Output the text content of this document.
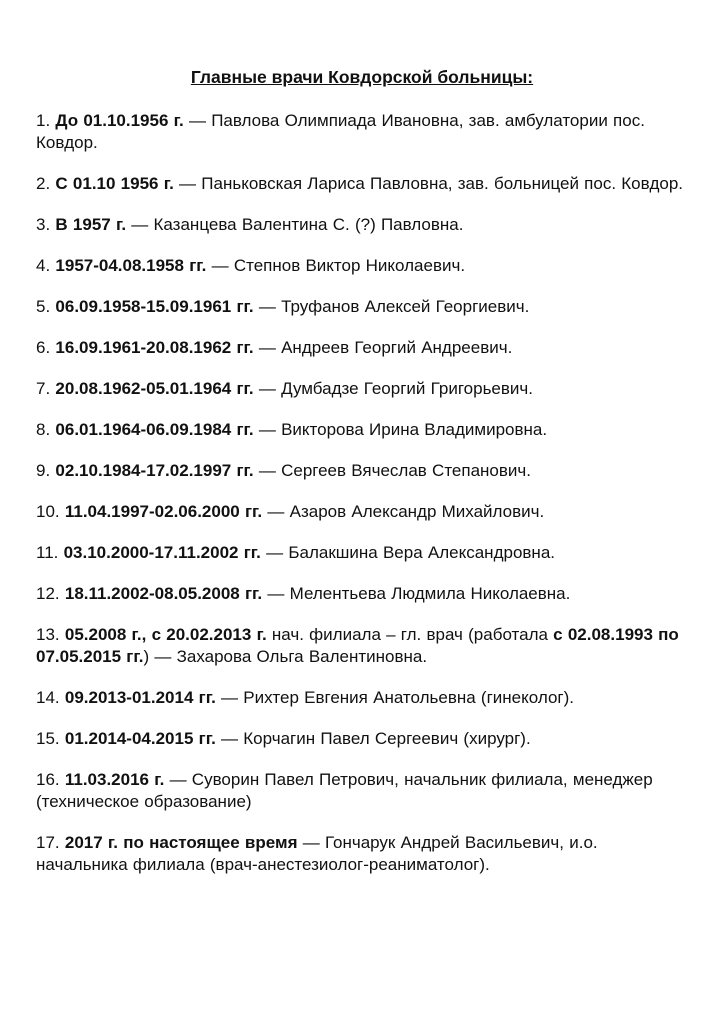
Главные врачи Ковдорской больницы:

1. До 01.10.1956 г. — Павлова Олимпиада Ивановна, зав. амбулатории пос. Ковдор.

2. С 01.10 1956 г. — Паньковская Лариса Павловна, зав. больницей пос. Ковдор.

3. В 1957 г. — Казанцева Валентина С. (?) Павловна.

4. 1957-04.08.1958 гг. — Степнов Виктор Николаевич.

5. 06.09.1958-15.09.1961 гг. — Труфанов Алексей Георгиевич.

6. 16.09.1961-20.08.1962 гг. — Андреев Георгий Андреевич.

7. 20.08.1962-05.01.1964 гг. — Думбадзе Георгий Григорьевич.

8. 06.01.1964-06.09.1984 гг. — Викторова Ирина Владимировна.

9. 02.10.1984-17.02.1997 гг. — Сергеев Вячеслав Степанович.

10. 11.04.1997-02.06.2000 гг. — Азаров Александр Михайлович.

11. 03.10.2000-17.11.2002 гг. — Балакшина Вера Александровна.

12. 18.11.2002-08.05.2008 гг. — Мелентьева Людмила Николаевна.

13. 05.2008 г., с 20.02.2013 г. нач. филиала – гл. врач (работала с 02.08.1993 по 07.05.2015 гг.) — Захарова Ольга Валентиновна.

14. 09.2013-01.2014 гг. — Рихтер Евгения Анатольевна (гинеколог).

15. 01.2014-04.2015 гг. — Корчагин Павел Сергеевич (хирург).

16. 11.03.2016 г. — Суворин Павел Петрович, начальник филиала, менеджер (техническое образование)

17. 2017 г. по настоящее время — Гончарук Андрей Васильевич, и.о. начальника филиала (врач-анестезиолог-реаниматолог).
